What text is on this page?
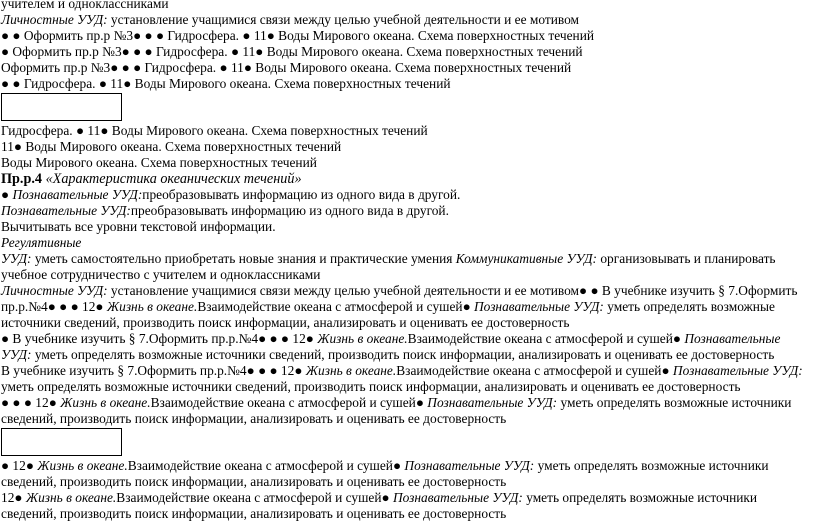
учителем и одноклассниками
Личностные УУД: установление учащимися связи между целью учебной деятельности и ее мотивом
● ● Оформить пр.р №3● ● ● Гидросфера. ● 11● Воды Мирового океана. Схема поверхностных течений
● Оформить пр.р №3● ● ● Гидросфера. ● 11● Воды Мирового океана. Схема поверхностных течений
Оформить пр.р №3● ● ● Гидросфера. ● 11● Воды Мирового океана. Схема поверхностных течений
● ● Гидросфера. ● 11● Воды Мирового океана. Схема поверхностных течений
Гидросфера. ● 11● Воды Мирового океана. Схема поверхностных течений
11● Воды Мирового океана. Схема поверхностных течений
Воды Мирового океана. Схема поверхностных течений
Пр.р.4 «Характеристика океанических течений»
● Познавательные УУД:преобразовывать информацию из одного вида в другой.
Познавательные УУД:преобразовывать информацию из одного вида в другой.
Вычитывать все уровни текстовой информации.
Регулятивные
УУД: уметь самостоятельно приобретать новые знания и практические умения Коммуникативные УУД: организовывать и планировать учебное сотрудничество с учителем и одноклассниками
Личностные УУД: установление учащимися связи между целью учебной деятельности и ее мотивом● ● В учебнике изучить § 7.Оформить пр.р.№4● ● ● 12● Жизнь в океане.Взаимодействие океана с атмосферой и сушей● Познавательные УУД: уметь определять возможные источники сведений, производить поиск информации, анализировать и оценивать ее достоверность
● В учебнике изучить § 7.Оформить пр.р.№4● ● ● 12● Жизнь в океане.Взаимодействие океана с атмосферой и сушей● Познавательные УУД: уметь определять возможные источники сведений, производить поиск информации, анализировать и оценивать ее достоверность
В учебнике изучить § 7.Оформить пр.р.№4● ● ● 12● Жизнь в океане.Взаимодействие океана с атмосферой и сушей● Познавательные УУД: уметь определять возможные источники сведений, производить поиск информации, анализировать и оценивать ее достоверность
● ● ● 12● Жизнь в океане.Взаимодействие океана с атмосферой и сушей● Познавательные УУД: уметь определять возможные источники сведений, производить поиск информации, анализировать и оценивать ее достоверность
● 12● Жизнь в океане.Взаимодействие океана с атмосферой и сушей● Познавательные УУД: уметь определять возможные источники сведений, производить поиск информации, анализировать и оценивать ее достоверность
12● Жизнь в океане.Взаимодействие океана с атмосферой и сушей● Познавательные УУД: уметь определять возможные источники сведений, производить поиск информации, анализировать и оценивать ее достоверность
